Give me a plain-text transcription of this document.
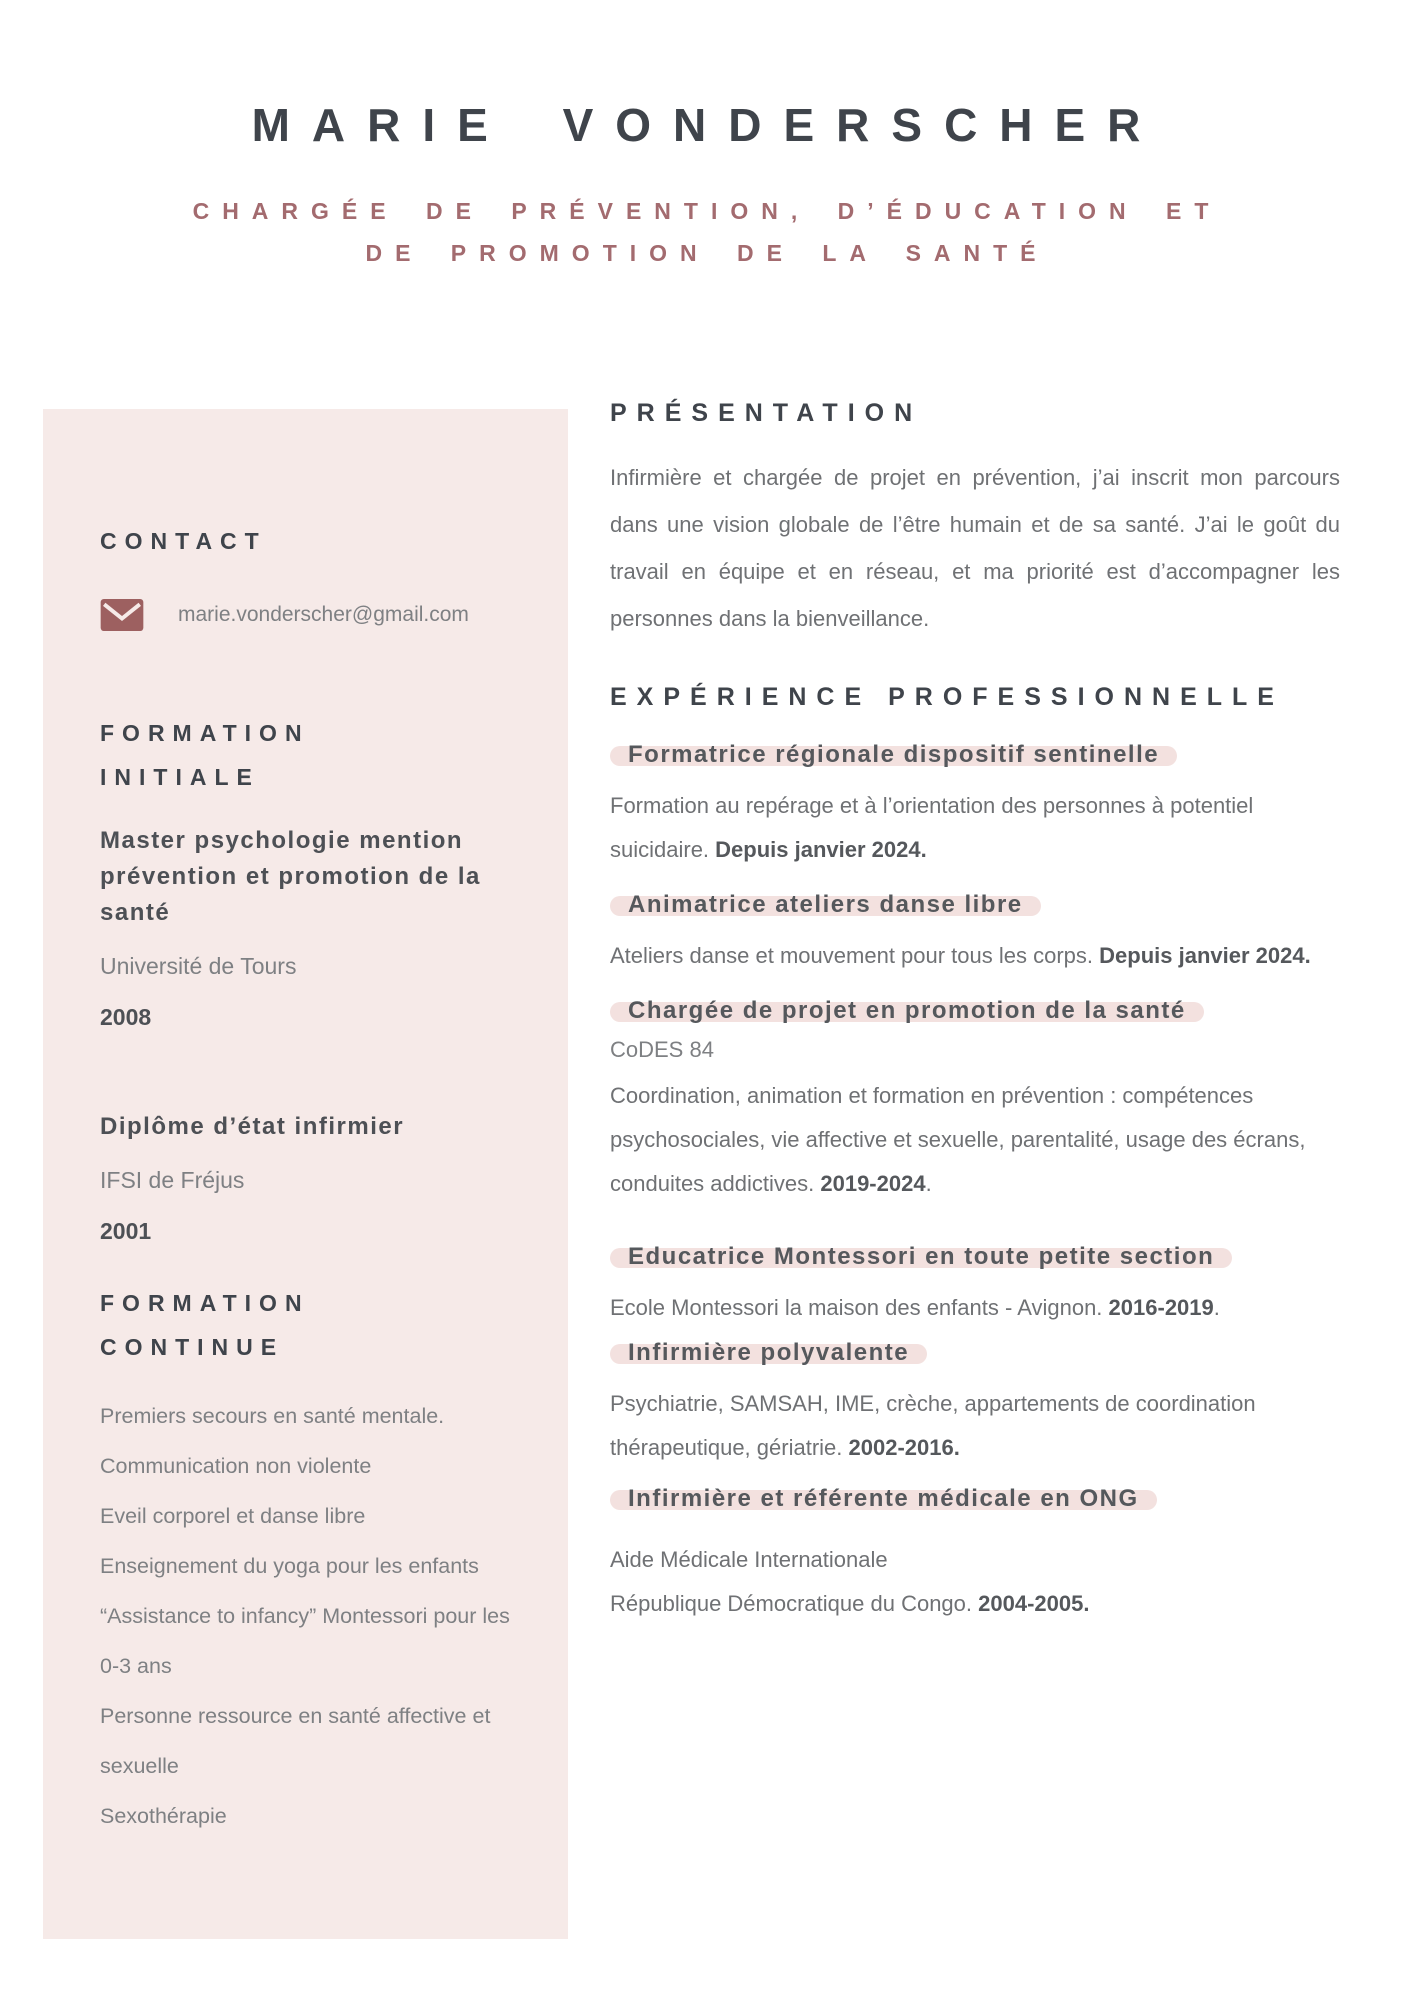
MARIE VONDERSCHER
CHARGÉE DE PRÉVENTION, D’ÉDUCATION ET
DE PROMOTION DE LA SANTÉ
CONTACT
marie.vonderscher@gmail.com
FORMATION
INITIALE
Master psychologie mention prévention et promotion de la santé
Université de Tours
2008
Diplôme d’état infirmier
IFSI de Fréjus
2001
FORMATION
CONTINUE
Premiers secours en santé mentale.
Communication non violente
Eveil corporel et danse libre
Enseignement du yoga pour les enfants
“Assistance to infancy” Montessori pour les 0-3 ans
Personne ressource en santé affective et sexuelle
Sexothérapie
PRÉSENTATION

Infirmière et chargée de projet en prévention, j’ai inscrit mon parcours dans une vision globale de l’être humain et de sa santé. J’ai le goût du travail en équipe et en réseau, et ma priorité est d’accompagner les personnes dans la bienveillance.

EXPÉRIENCE PROFESSIONNELLE
Formatrice régionale dispositif sentinelle

Formation au repérage et à l’orientation des personnes à potentiel suicidaire. Depuis janvier 2024.

Animatrice ateliers danse libre

Ateliers danse et mouvement pour tous les corps. Depuis janvier 2024.

Chargée de projet en promotion de la santé
CoDES 84

Coordination, animation et formation en prévention : compétences psychosociales, vie affective et sexuelle, parentalité, usage des écrans, conduites addictives. 2019-2024.

Educatrice Montessori en toute petite section

Ecole Montessori la maison des enfants - Avignon. 2016-2019.

Infirmière polyvalente

Psychiatrie, SAMSAH, IME, crèche, appartements de coordination thérapeutique, gériatrie. 2002-2016.

Infirmière et référente médicale en ONG
Aide Médicale Internationale

République Démocratique du Congo. 2004-2005.
